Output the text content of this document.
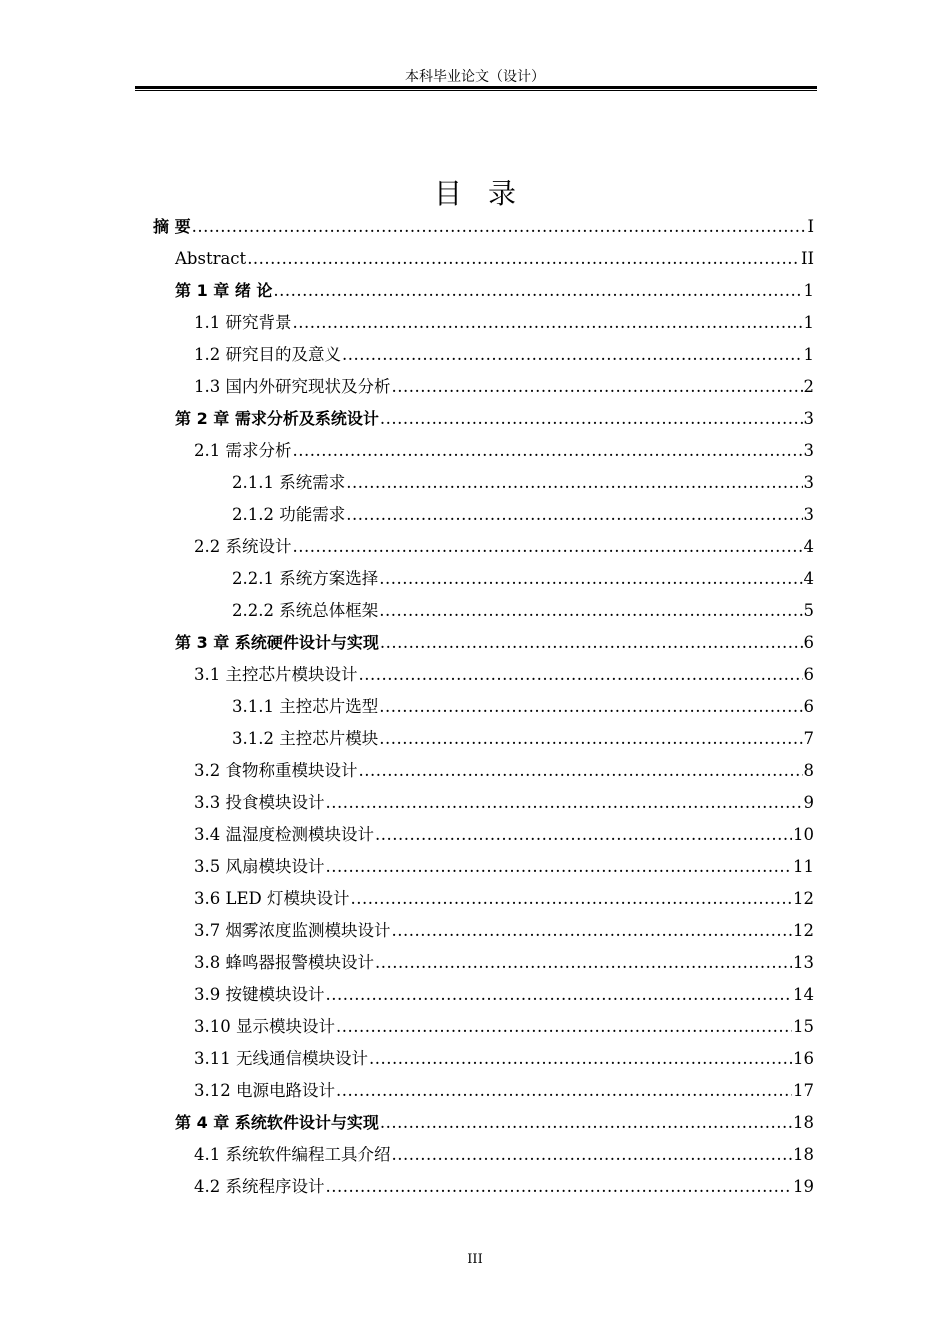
本科毕业论文（设计）
目录
摘 要 .....	I
Abstract .....	II
第 1 章 绪 论 .....	1
1.1 研究背景 .....	1
1.2 研究目的及意义 .....	1
1.3 国内外研究现状及分析 .....	2
第 2 章 需求分析及系统设计 .....	3
2.1 需求分析 .....	3
2.1.1 系统需求 .....	3
2.1.2 功能需求 .....	3
2.2 系统设计 .....	4
2.2.1 系统方案选择 .....	4
2.2.2 系统总体框架 .....	5
第 3 章 系统硬件设计与实现 .....	6
3.1 主控芯片模块设计 .....	6
3.1.1 主控芯片选型 .....	6
3.1.2 主控芯片模块 .....	7
3.2 食物称重模块设计 .....	8
3.3 投食模块设计 .....	9
3.4 温湿度检测模块设计 .....	10
3.5 风扇模块设计 .....	11
3.6 LED 灯模块设计 .....	12
3.7 烟雾浓度监测模块设计 .....	12
3.8 蜂鸣器报警模块设计 .....	13
3.9 按键模块设计 .....	14
3.10 显示模块设计 .....	15
3.11 无线通信模块设计 .....	16
3.12 电源电路设计 .....	17
第 4 章 系统软件设计与实现 .....	18
4.1 系统软件编程工具介绍 .....	18
4.2 系统程序设计 .....	19
III
